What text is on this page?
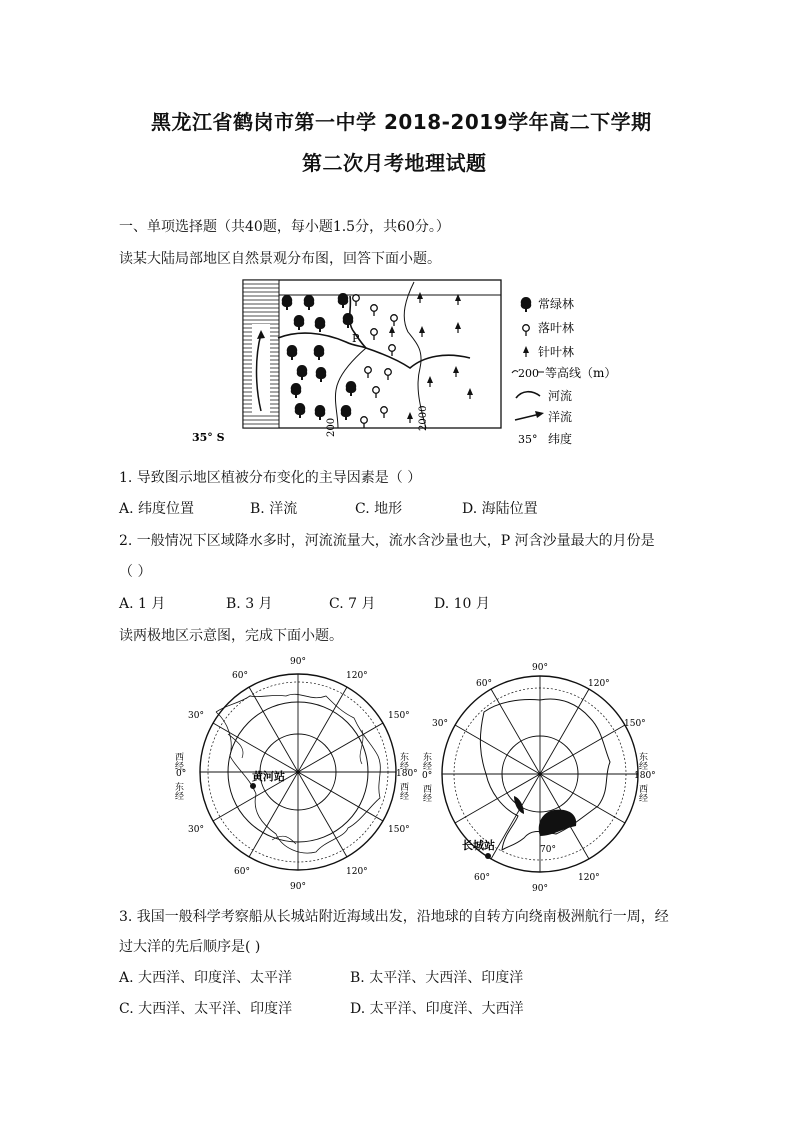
黑龙江省鹤岗市第一中学 2018-2019学年高二下学期
第二次月考地理试题
一、单项选择题（共40题，每小题1.5分，共60分。）
读某大陆局部地区自然景观分布图，回答下面小题。
200	2000
P
35° S
常绿林
落叶林
针叶林
200 等高线（m）
河流
洋流
35° 纬度
1. 导致图示地区植被分布变化的主导因素是（ ）
A. 纬度位置	B. 洋流	C. 地形	D. 海陆位置
2. 一般情况下区域降水多时，河流流量大，流水含沙量也大，P 河含沙量最大的月份是
（ ）
A. 1 月	B. 3 月	C. 7 月	D. 10 月
读两极地区示意图，完成下面小题。
黄河站
90°
60°	120°
30°	150°
30°	150°
60°	120°
90°
西经
0°
东经
东经
180°
西经
长城站	70°
90°
60°	120°
30°	150°
90°
60°	120°
东经
0°
西经
东经
180°
西经
3. 我国一般科学考察船从长城站附近海域出发，沿地球的自转方向绕南极洲航行一周，经
过大洋的先后顺序是( )
A. 大西洋、印度洋、太平洋	B. 太平洋、大西洋、印度洋
C. 大西洋、太平洋、印度洋	D. 太平洋、印度洋、大西洋
